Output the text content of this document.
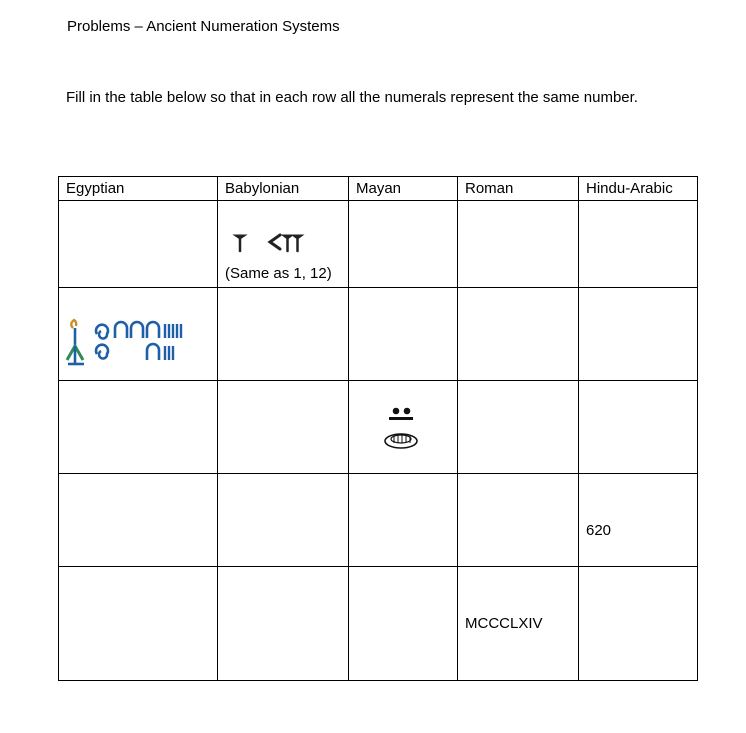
Problems – Ancient Numeration Systems
Fill in the table below so that in each row all the numerals represent the same number.
Egyptian	Babylonian	Mayan	Roman	Hindu-Arabic

	(Same as 1, 12)			

				620

			MCCCLXIV	
